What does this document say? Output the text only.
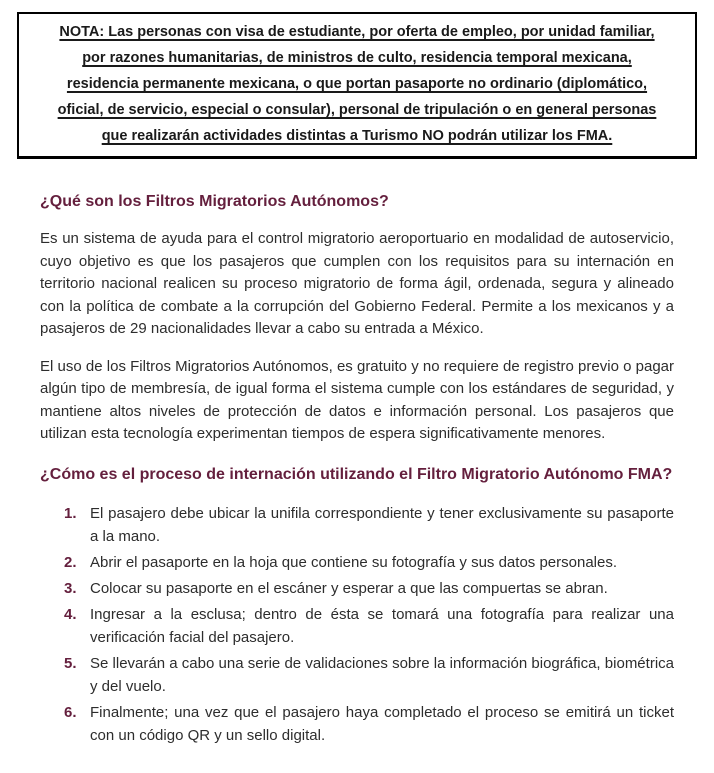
NOTA: Las personas con visa de estudiante, por oferta de empleo, por unidad familiar,
por razones humanitarias, de ministros de culto, residencia temporal mexicana,
residencia permanente mexicana, o que portan pasaporte no ordinario (diplomático,
oficial, de servicio, especial o consular), personal de tripulación o en general personas
que realizarán actividades distintas a Turismo NO podrán utilizar los FMA.
¿Qué son los Filtros Migratorios Autónomos?

Es un sistema de ayuda para el control migratorio aeroportuario en modalidad de autoservicio, cuyo objetivo es que los pasajeros que cumplen con los requisitos para su internación en territorio nacional realicen su proceso migratorio de forma ágil, ordenada, segura y alineado con la política de combate a la corrupción del Gobierno Federal. Permite a los mexicanos y a pasajeros de 29 nacionalidades llevar a cabo su entrada a México.

El uso de los Filtros Migratorios Autónomos, es gratuito y no requiere de registro previo o pagar algún tipo de membresía, de igual forma el sistema cumple con los estándares de seguridad, y mantiene altos niveles de protección de datos e información personal. Los pasajeros que utilizan esta tecnología experimentan tiempos de espera significativamente menores.

¿Cómo es el proceso de internación utilizando el Filtro Migratorio Autónomo FMA?
1. El pasajero debe ubicar la unifila correspondiente y tener exclusivamente su pasaporte a la mano.
2. Abrir el pasaporte en la hoja que contiene su fotografía y sus datos personales.
3. Colocar su pasaporte en el escáner y esperar a que las compuertas se abran.
4. Ingresar a la esclusa; dentro de ésta se tomará una fotografía para realizar una verificación facial del pasajero.
5. Se llevarán a cabo una serie de validaciones sobre la información biográfica, biométrica y del vuelo.
6. Finalmente; una vez que el pasajero haya completado el proceso se emitirá un ticket con un código QR y un sello digital.
